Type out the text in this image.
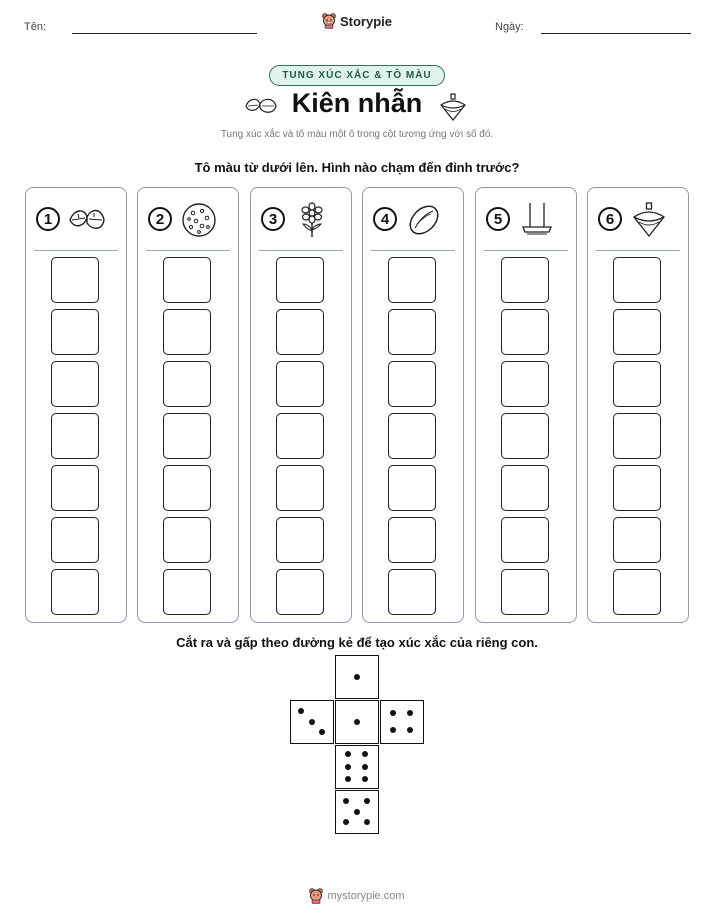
Tên:	Storypie	Ngày:
TUNG XÚC XẮC & TÔ MÀU
Kiên nhẫn
Tung xúc xắc và tô màu một ô trong cột tương ứng với số đó.
Tô màu từ dưới lên. Hình nào chạm đến đỉnh trước?
1	2	3	4	5	6
Cắt ra và gấp theo đường kẻ để tạo xúc xắc của riêng con.
mystorypie.com
